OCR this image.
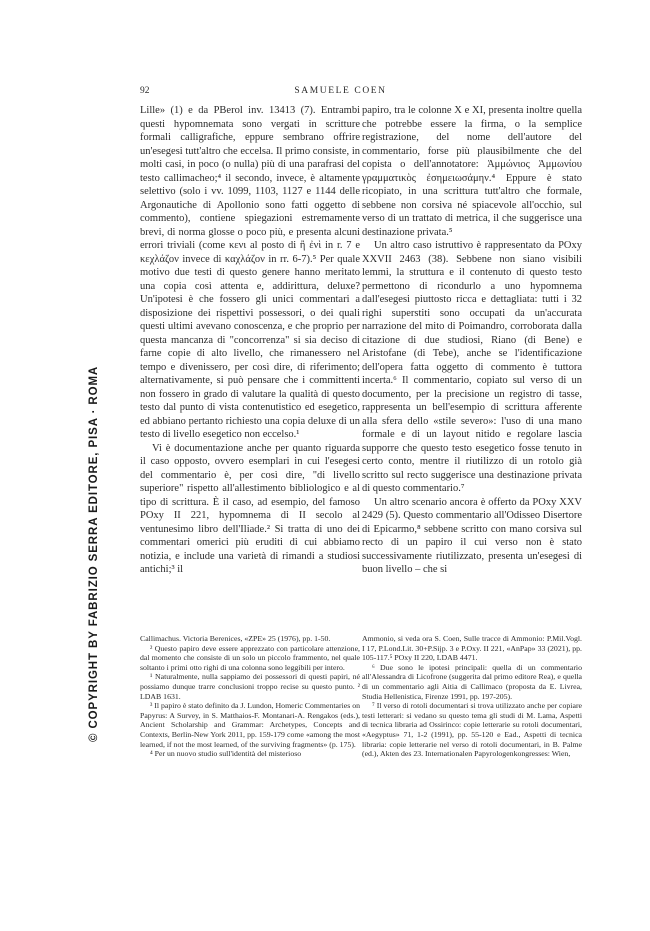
92	SAMUELE COEN
© COPYRIGHT BY FABRIZIO SERRA EDITORE, PISA · ROMA

Lille» (1) e da PBerol inv. 13413 (7). Entrambi questi hypomnemata sono vergati in scritture formali calligrafiche, eppure sembrano offrire un'esegesi tutt'altro che eccelsa. Il primo consiste, in molti casi, in poco (o nulla) più di una parafrasi del testo callimacheo;⁴ il secondo, invece, è altamente selettivo (solo i vv. 1099, 1103, 1127 e 1144 delle Argonautiche di Apollonio sono fatti oggetto di commento), contiene spiegazioni estremamente brevi, di norma glosse o poco più, e presenta alcuni errori triviali (come κενι al posto di ἢ ἐνὶ in r. 7 e κεχλάζον invece di καχλάζον in rr. 6-7).⁵ Per quale motivo due testi di questo genere hanno meritato una copia così attenta e, addirittura, deluxe? Un'ipotesi è che fossero gli unici commentari a disposizione dei rispettivi possessori, o dei quali questi ultimi avevano conoscenza, e che proprio per questa mancanza di "concorrenza" si sia deciso di farne copie di alto livello, che rimanessero nel tempo e divenissero, per così dire, di riferimento; alternativamente, si può pensare che i committenti non fossero in grado di valutare la qualità di questo testo dal punto di vista contenutistico ed esegetico, ed abbiano pertanto richiesto una copia deluxe di un testo di livello esegetico non eccelso.¹

Vi è documentazione anche per quanto riguarda il caso opposto, ovvero esemplari in cui l'esegesi del commentario è, per così dire, "di livello superiore" rispetto all'allestimento bibliologico e al tipo di scrittura. È il caso, ad esempio, del famoso POxy II 221, hypomnema di II secolo al ventunesimo libro dell'Iliade.² Si tratta di uno dei commentari omerici più eruditi di cui abbiamo notizia, e include una varietà di rimandi a studiosi antichi;³ il

papiro, tra le colonne X e XI, presenta inoltre quella che potrebbe essere la firma, o la semplice registrazione, del nome dell'autore del commentario, forse più plausibilmente che del copista o dell'annotatore: Ἀμμώνιος Ἀμμωνίου γραμματικὸς ἐσημειωσάμην.⁴ Eppure è stato ricopiato, in una scrittura tutt'altro che formale, sebbene non corsiva né spiacevole all'occhio, sul verso di un trattato di metrica, il che suggerisce una destinazione privata.⁵

Un altro caso istruttivo è rappresentato da POxy XXVII 2463 (38). Sebbene non siano visibili lemmi, la struttura e il contenuto di questo testo permettono di ricondurlo a uno hypomnema dall'esegesi piuttosto ricca e dettagliata: tutti i 32 righi superstiti sono occupati da un'accurata narrazione del mito di Poimandro, corroborata dalla citazione di due studiosi, Riano (di Bene) e Aristofane (di Tebe), anche se l'identificazione dell'opera fatta oggetto di commento è tuttora incerta.⁶ Il commentario, copiato sul verso di un documento, per la precisione un registro di tasse, rappresenta un bell'esempio di scrittura afferente alla sfera dello «stile severo»: l'uso di una mano formale e di un layout nitido e regolare lascia supporre che questo testo esegetico fosse tenuto in certo conto, mentre il riutilizzo di un rotolo già scritto sul recto suggerisce una destinazione privata di questo commentario.⁷

Un altro scenario ancora è offerto da POxy XXV 2429 (5). Questo commentario all'Odisseo Disertore di Epicarmo,⁸ sebbene scritto con mano corsiva sul recto di un papiro il cui verso non è stato successivamente riutilizzato, presenta un'esegesi di buon livello – che si

Callimachus. Victoria Berenices, «ZPE» 25 (1976), pp. 1-50.

² Questo papiro deve essere apprezzato con particolare attenzione, dal momento che consiste di un solo un piccolo frammento, nel quale soltanto i primi otto righi di una colonna sono leggibili per intero.

¹ Naturalmente, nulla sappiamo dei possessori di questi papiri, né possiamo dunque trarre conclusioni troppo recise su questo punto. ² LDAB 1631.

³ Il papiro è stato definito da J. Lundon, Homeric Commentaries on Papyrus: A Survey, in S. Matthaios-F. Montanari-A. Rengakos (eds.), Ancient Scholarship and Grammar: Archetypes, Concepts and Contexts, Berlin-New York 2011, pp. 159-179 come «among the most learned, if not the most learned, of the surviving fragments» (p. 175).

⁴ Per un nuovo studio sull'identità del misterioso

Ammonio, si veda ora S. Coen, Sulle tracce di Ammonio: P.Mil.Vogl. I 17, P.Lond.Lit. 30+P.Sijp. 3 e P.Oxy. II 221, «AnPap» 33 (2021), pp. 105-117.⁵ POxy II 220, LDAB 4471.

⁶ Due sono le ipotesi principali: quella di un commentario all'Alessandra di Licofrone (suggerita dal primo editore Rea), e quella di un commentario agli Aitia di Callimaco (proposta da E. Livrea, Studia Hellenistica, Firenze 1991, pp. 197-205).

⁷ Il verso di rotoli documentari si trova utilizzato anche per copiare testi letterari: si vedano su questo tema gli studi di M. Lama, Aspetti di tecnica libraria ad Ossirinco: copie letterarie su rotoli documentari, «Aegyptus» 71, 1-2 (1991), pp. 55-120 e Ead., Aspetti di tecnica libraria: copie letterarie nel verso di rotoli documentari, in B. Palme (ed.), Akten des 23. Internationalen Papyrologenkongresses: Wien,
